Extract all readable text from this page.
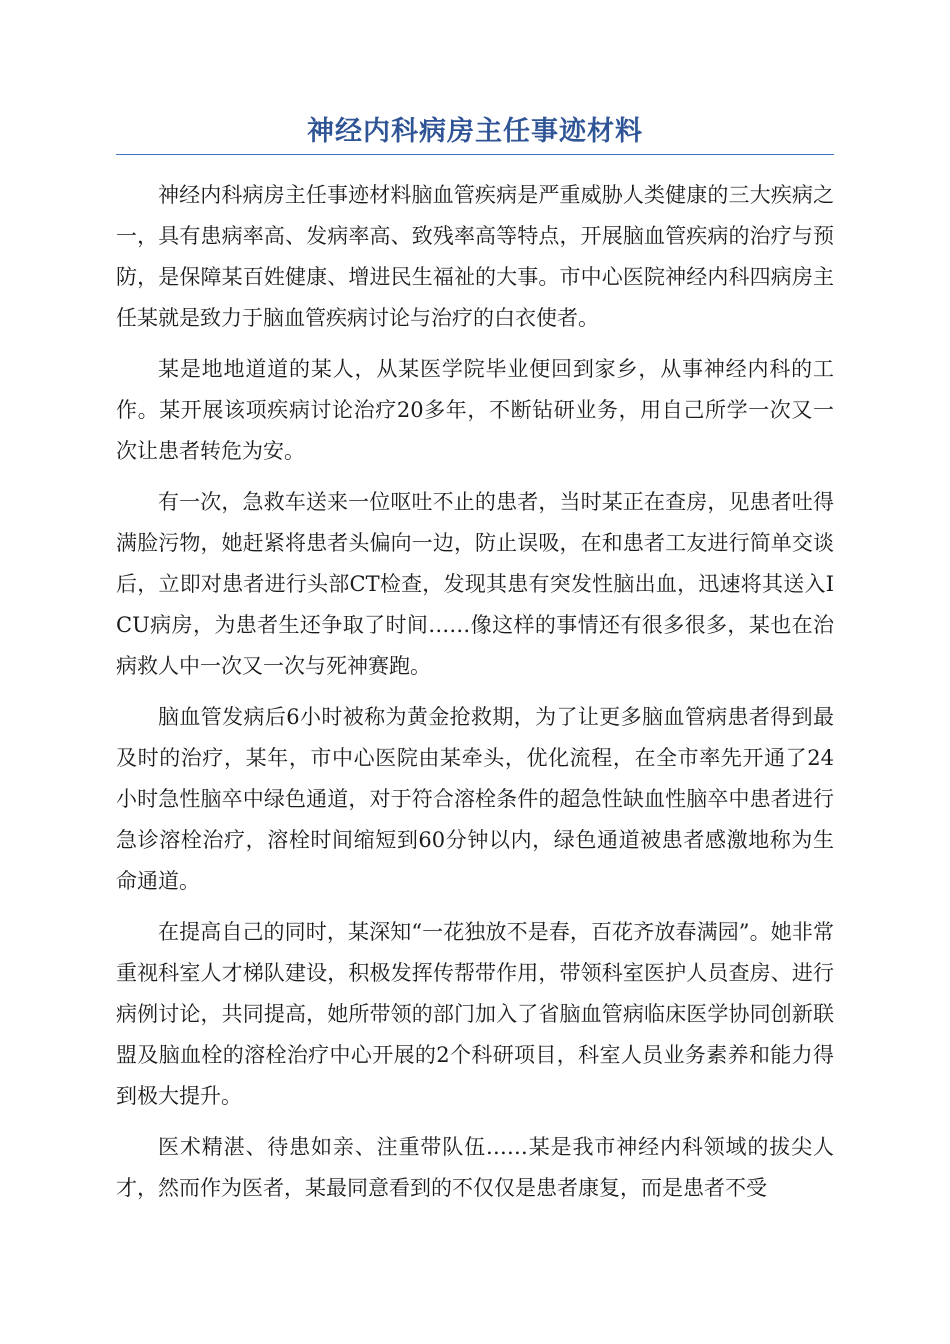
神经内科病房主任事迹材料

神经内科病房主任事迹材料脑血管疾病是严重威胁人类健康的三大疾病之一，具有患病率高、发病率高、致残率高等特点，开展脑血管疾病的治疗与预防，是保障某百姓健康、增进民生福祉的大事。市中心医院神经内科四病房主任某就是致力于脑血管疾病讨论与治疗的白衣使者。

某是地地道道的某人，从某医学院毕业便回到家乡，从事神经内科的工作。某开展该项疾病讨论治疗20多年，不断钻研业务，用自己所学一次又一次让患者转危为安。

有一次，急救车送来一位呕吐不止的患者，当时某正在查房，见患者吐得满脸污物，她赶紧将患者头偏向一边，防止误吸，在和患者工友进行简单交谈后，立即对患者进行头部CT检查，发现其患有突发性脑出血，迅速将其送入ICU病房，为患者生还争取了时间……像这样的事情还有很多很多，某也在治病救人中一次又一次与死神赛跑。

脑血管发病后6小时被称为黄金抢救期，为了让更多脑血管病患者得到最及时的治疗，某年，市中心医院由某牵头，优化流程，在全市率先开通了24小时急性脑卒中绿色通道，对于符合溶栓条件的超急性缺血性脑卒中患者进行急诊溶栓治疗，溶栓时间缩短到60分钟以内，绿色通道被患者感激地称为生命通道。

在提高自己的同时，某深知“一花独放不是春，百花齐放春满园”。她非常重视科室人才梯队建设，积极发挥传帮带作用，带领科室医护人员查房、进行病例讨论，共同提高，她所带领的部门加入了省脑血管病临床医学协同创新联盟及脑血栓的溶栓治疗中心开展的2个科研项目，科室人员业务素养和能力得到极大提升。

医术精湛、待患如亲、注重带队伍……某是我市神经内科领域的拔尖人才，然而作为医者，某最同意看到的不仅仅是患者康复，而是患者不受
